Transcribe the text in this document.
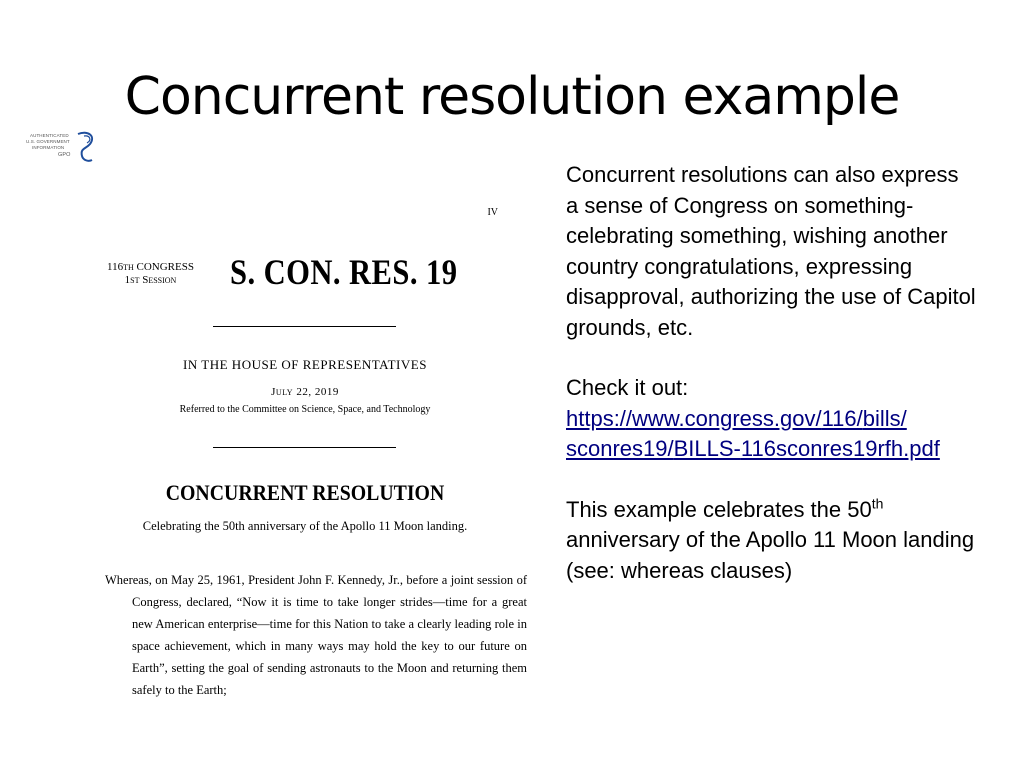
Concurrent resolution example
AUTHENTICATED
U.S. GOVERNMENT
INFORMATION
GPO
IV
116th CONGRESS
1st Session	S. CON. RES. 19
IN THE HOUSE OF REPRESENTATIVES
July 22, 2019
Referred to the Committee on Science, Space, and Technology
CONCURRENT RESOLUTION
Celebrating the 50th anniversary of the Apollo 11 Moon landing.
Whereas, on May 25, 1961, President John F. Kennedy, Jr., before a joint session of Congress, declared, “Now it is time to take longer strides—time for a great new American enterprise—time for this Nation to take a clearly leading role in space achievement, which in many ways may hold the key to our future on Earth”, setting the goal of sending astronauts to the Moon and returning them safely to the Earth;

Concurrent resolutions can also express a sense of Congress on something- celebrating something, wishing another country congratulations, expressing disapproval, authorizing the use of Capitol grounds, etc.

Check it out:
https://www.congress.gov/116/bills/sconres19/BILLS-116sconres19rfh.pdf

This example celebrates the 50th anniversary of the Apollo 11 Moon landing (see: whereas clauses)
